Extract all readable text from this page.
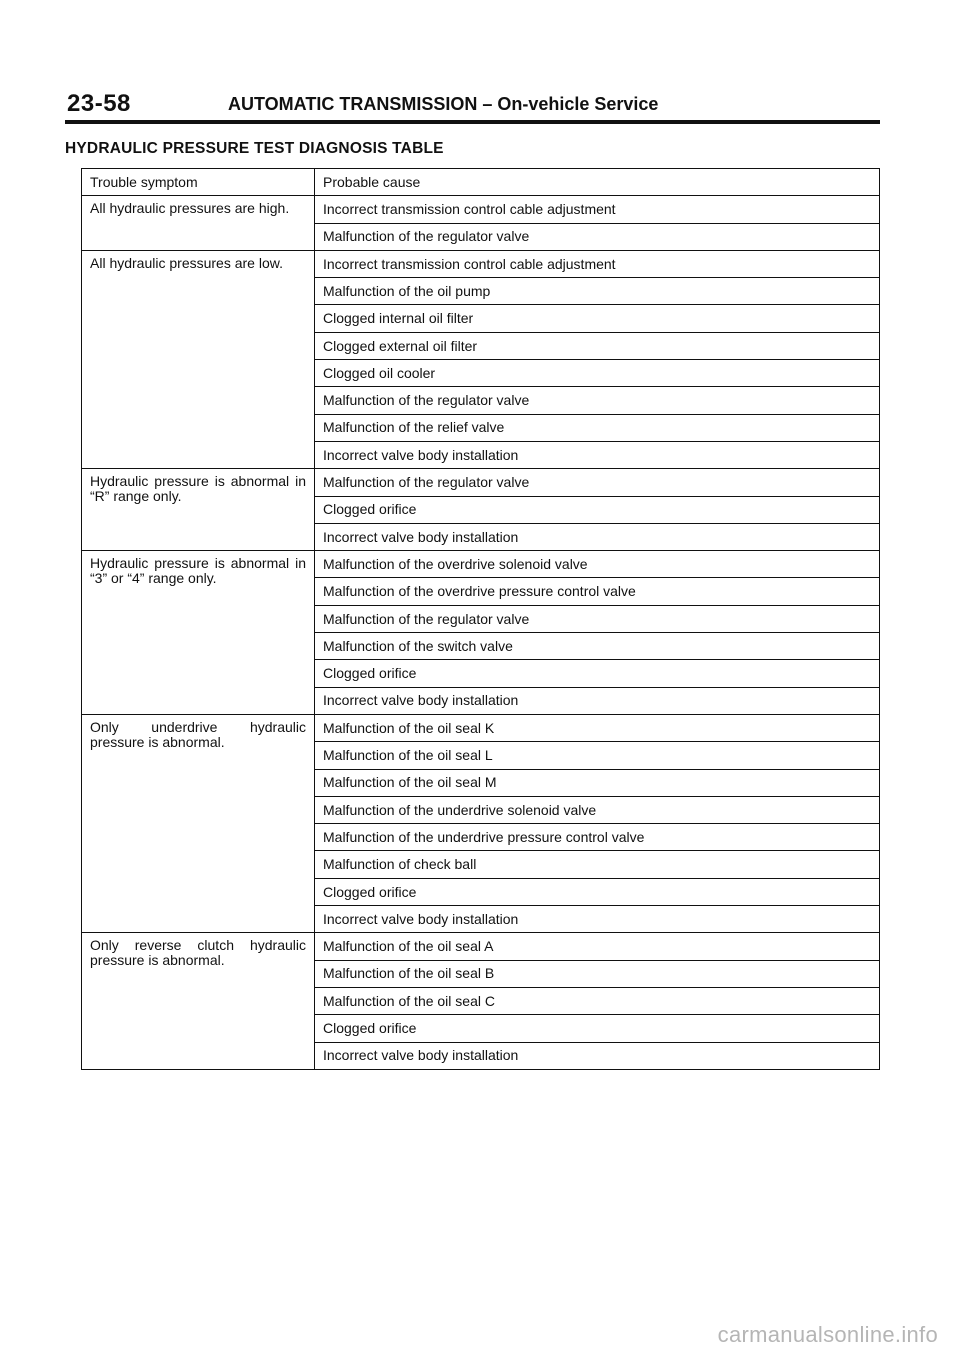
23-58	AUTOMATIC TRANSMISSION – On-vehicle Service
HYDRAULIC PRESSURE TEST DIAGNOSIS TABLE
Trouble symptom	Probable cause
All hydraulic pressures are high.	Incorrect transmission control cable adjustment
	Malfunction of the regulator valve
All hydraulic pressures are low.	Incorrect transmission control cable adjustment
	Malfunction of the oil pump
	Clogged internal oil filter
	Clogged external oil filter
	Clogged oil cooler
	Malfunction of the regulator valve
	Malfunction of the relief valve
	Incorrect valve body installation
Hydraulic pressure is abnormal in “R” range only.	Malfunction of the regulator valve
	Clogged orifice
	Incorrect valve body installation
Hydraulic pressure is abnormal in “3” or “4” range only.	Malfunction of the overdrive solenoid valve
	Malfunction of the overdrive pressure control valve
	Malfunction of the regulator valve
	Malfunction of the switch valve
	Clogged orifice
	Incorrect valve body installation
Only underdrive hydraulic pressure is abnormal.	Malfunction of the oil seal K
	Malfunction of the oil seal L
	Malfunction of the oil seal M
	Malfunction of the underdrive solenoid valve
	Malfunction of the underdrive pressure control valve
	Malfunction of check ball
	Clogged orifice
	Incorrect valve body installation
Only reverse clutch hydraulic pressure is abnormal.	Malfunction of the oil seal A
	Malfunction of the oil seal B
	Malfunction of the oil seal C
	Clogged orifice
	Incorrect valve body installation
carmanualsonline.info
